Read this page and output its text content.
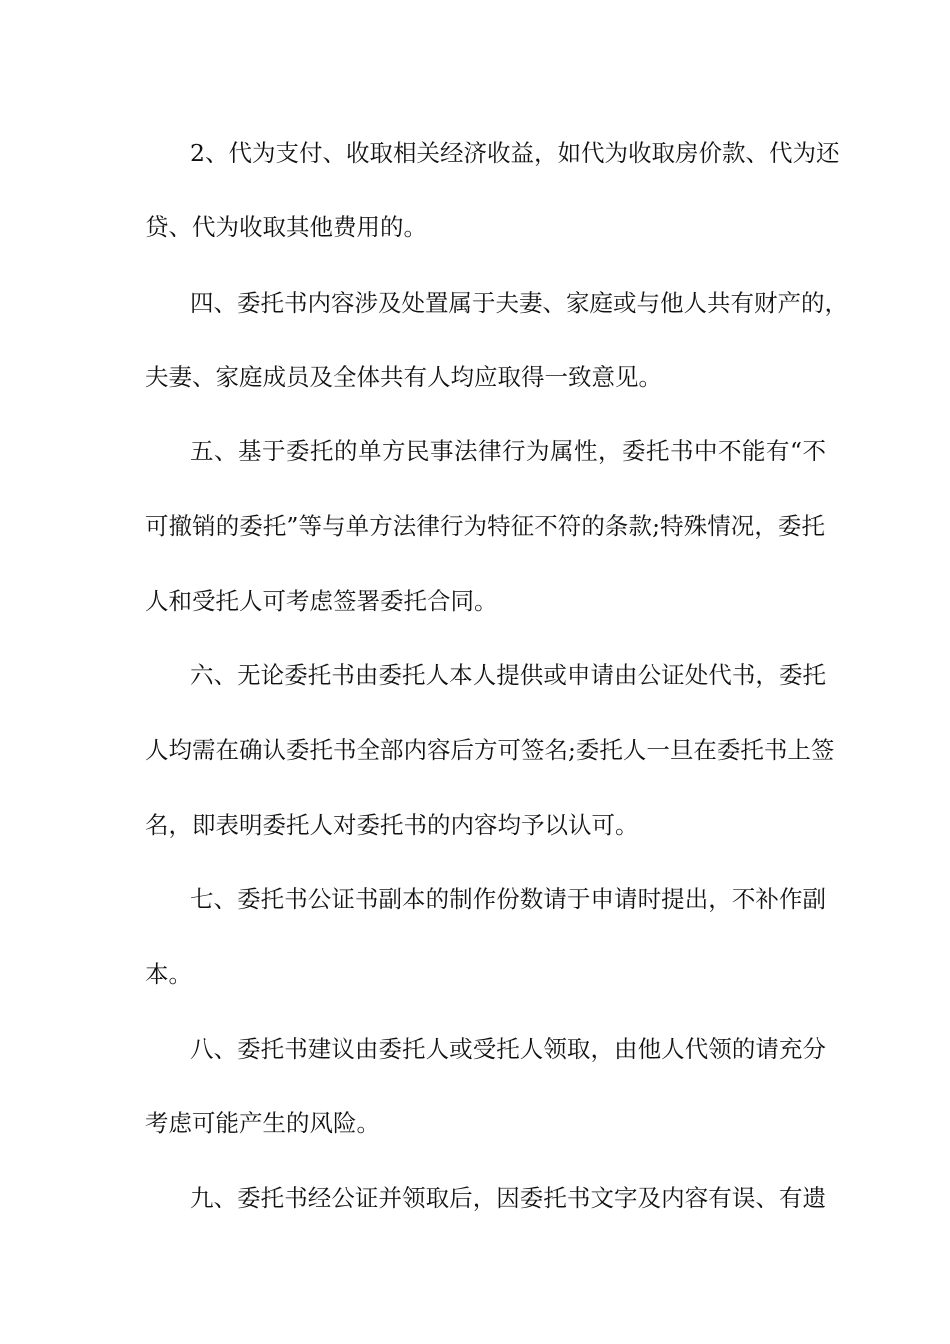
2、代为支付、收取相关经济收益，如代为收取房价款、代为还
贷、代为收取其他费用的。
四、委托书内容涉及处置属于夫妻、家庭或与他人共有财产的，
夫妻、家庭成员及全体共有人均应取得一致意见。
五、基于委托的单方民事法律行为属性，委托书中不能有“不
可撤销的委托”等与单方法律行为特征不符的条款;特殊情况，委托
人和受托人可考虑签署委托合同。
六、无论委托书由委托人本人提供或申请由公证处代书，委托
人均需在确认委托书全部内容后方可签名;委托人一旦在委托书上签
名，即表明委托人对委托书的内容均予以认可。
七、委托书公证书副本的制作份数请于申请时提出，不补作副
本。
八、委托书建议由委托人或受托人领取，由他人代领的请充分
考虑可能产生的风险。
九、委托书经公证并领取后，因委托书文字及内容有误、有遗
